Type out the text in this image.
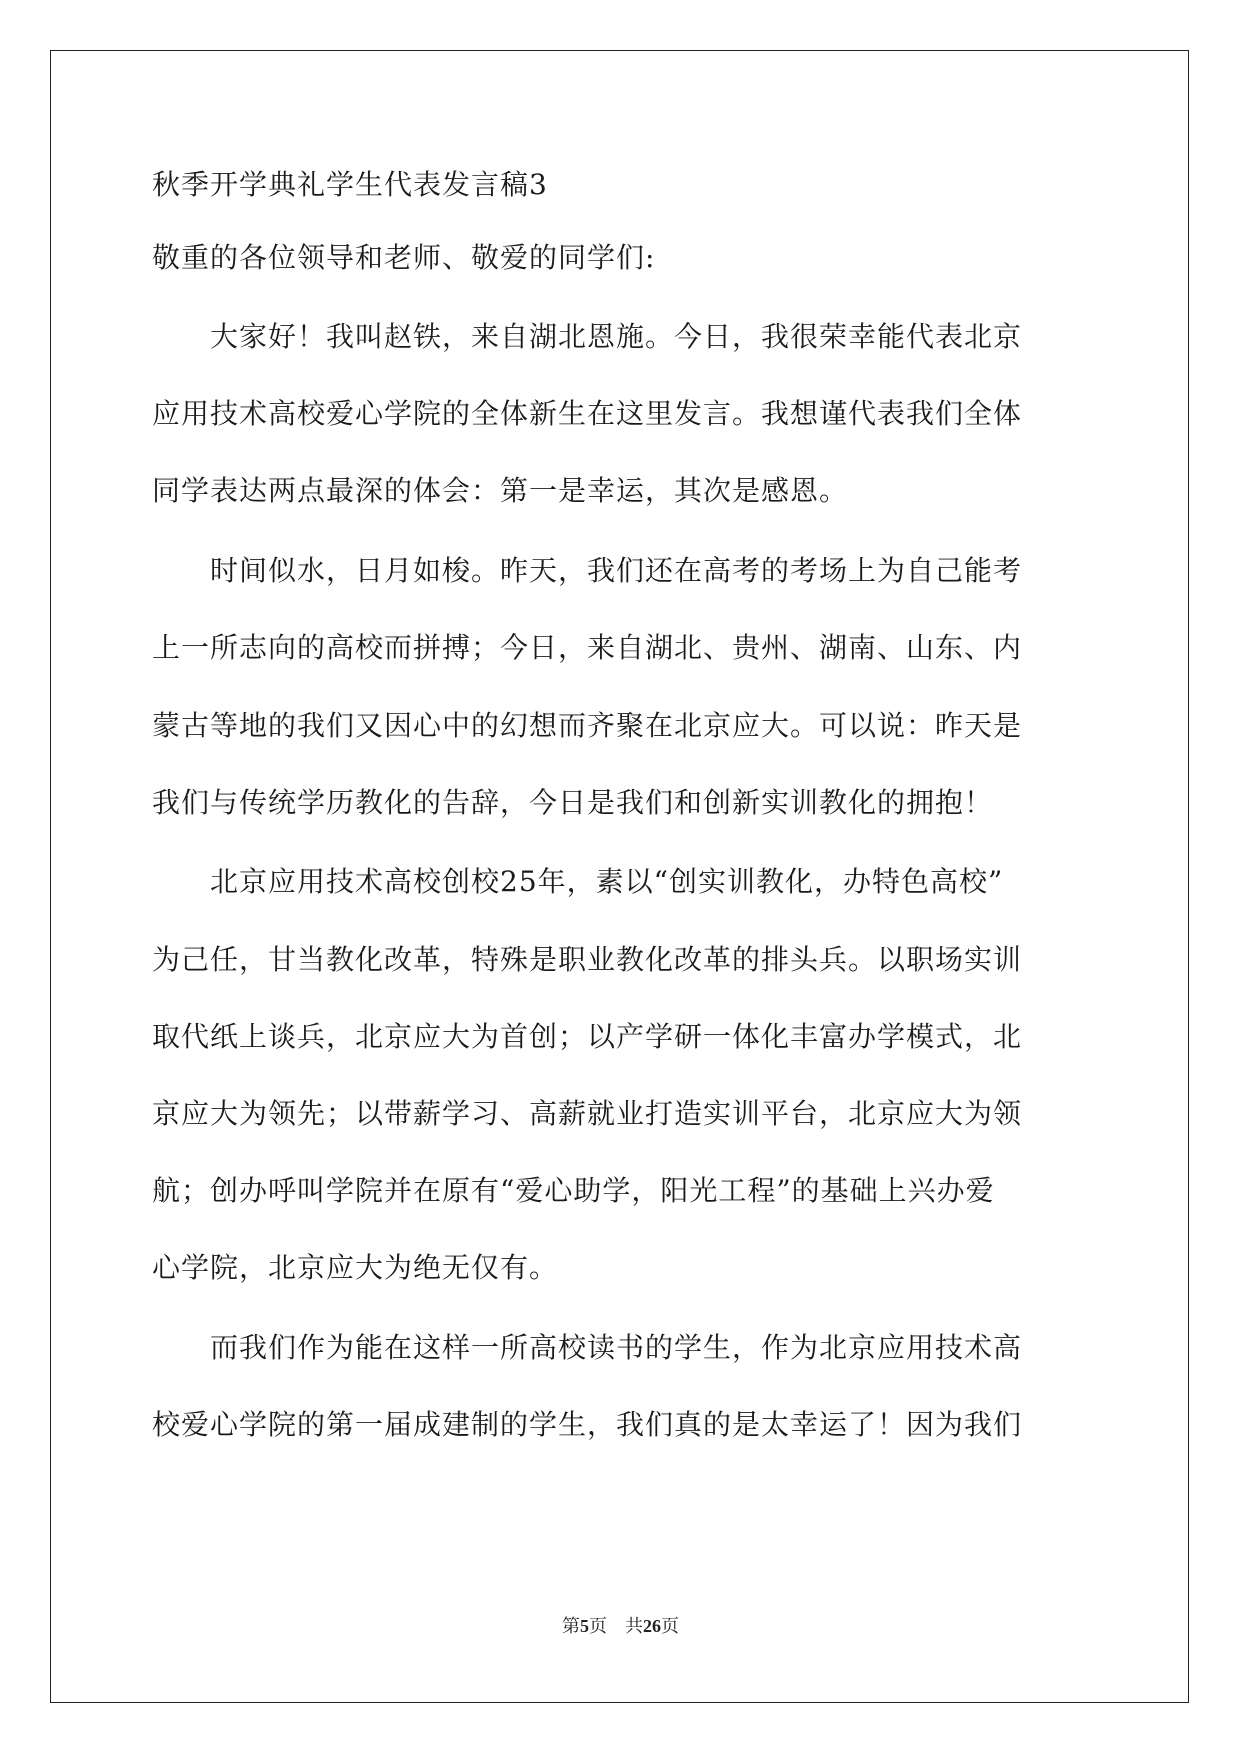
秋季开学典礼学生代表发言稿3
敬重的各位领导和老师、敬爱的同学们:
　　大家好！我叫赵铁，来自湖北恩施。今日，我很荣幸能代表北京
应用技术高校爱心学院的全体新生在这里发言。我想谨代表我们全体
同学表达两点最深的体会：第一是幸运，其次是感恩。
　　时间似水，日月如梭。昨天，我们还在高考的考场上为自己能考
上一所志向的高校而拼搏；今日，来自湖北、贵州、湖南、山东、内
蒙古等地的我们又因心中的幻想而齐聚在北京应大。可以说：昨天是
我们与传统学历教化的告辞，今日是我们和创新实训教化的拥抱！
　　北京应用技术高校创校25年，素以“创实训教化，办特色高校”
为己任，甘当教化改革，特殊是职业教化改革的排头兵。以职场实训
取代纸上谈兵，北京应大为首创；以产学研一体化丰富办学模式，北
京应大为领先；以带薪学习、高薪就业打造实训平台，北京应大为领
航；创办呼叫学院并在原有“爱心助学，阳光工程”的基础上兴办爱
心学院，北京应大为绝无仅有。
　　而我们作为能在这样一所高校读书的学生，作为北京应用技术高
校爱心学院的第一届成建制的学生，我们真的是太幸运了！因为我们
第5页 共26页
